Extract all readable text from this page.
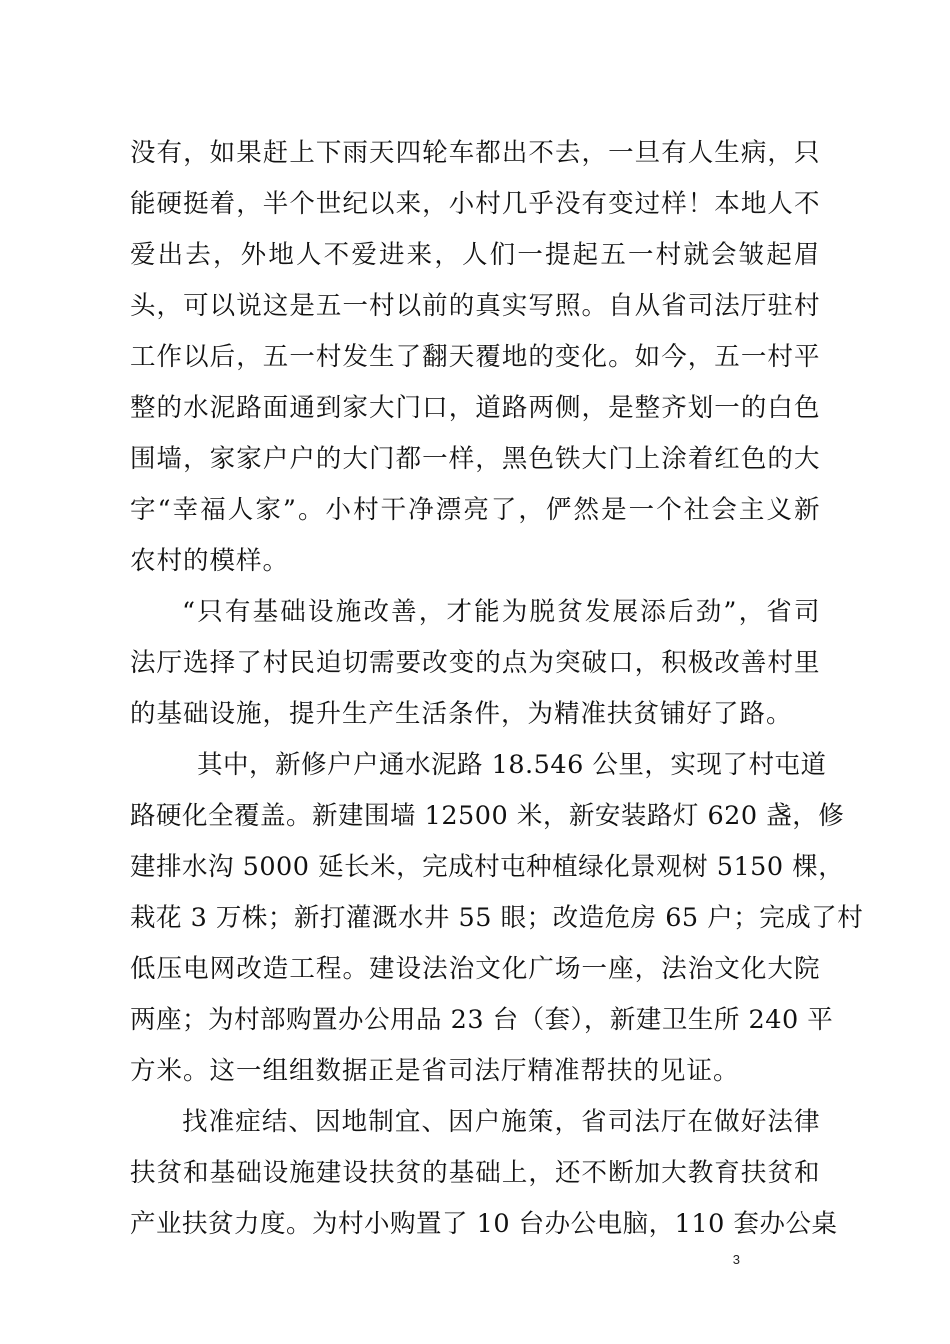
没有，如果赶上下雨天四轮车都出不去，一旦有人生病，只
能硬挺着，半个世纪以来，小村几乎没有变过样！本地人不
爱出去，外地人不爱进来，人们一提起五一村就会皱起眉
头，可以说这是五一村以前的真实写照。自从省司法厅驻村
工作以后，五一村发生了翻天覆地的变化。如今，五一村平
整的水泥路面通到家大门口，道路两侧，是整齐划一的白色
围墙，家家户户的大门都一样，黑色铁大门上涂着红色的大
字“幸福人家”。小村干净漂亮了，俨然是一个社会主义新
农村的模样。
“只有基础设施改善，才能为脱贫发展添后劲”，省司
法厅选择了村民迫切需要改变的点为突破口，积极改善村里
的基础设施，提升生产生活条件，为精准扶贫铺好了路。
其中，新修户户通水泥路 18.546 公里，实现了村屯道
路硬化全覆盖。新建围墙 12500 米，新安装路灯 620 盏，修
建排水沟 5000 延长米，完成村屯种植绿化景观树 5150 棵，
栽花 3 万株；新打灌溉水井 55 眼；改造危房 65 户；完成了村
低压电网改造工程。建设法治文化广场一座，法治文化大院
两座；为村部购置办公用品 23 台（套），新建卫生所 240 平
方米。这一组组数据正是省司法厅精准帮扶的见证。
找准症结、因地制宜、因户施策，省司法厅在做好法律
扶贫和基础设施建设扶贫的基础上，还不断加大教育扶贫和
产业扶贫力度。为村小购置了 10 台办公电脑，110 套办公桌
3
